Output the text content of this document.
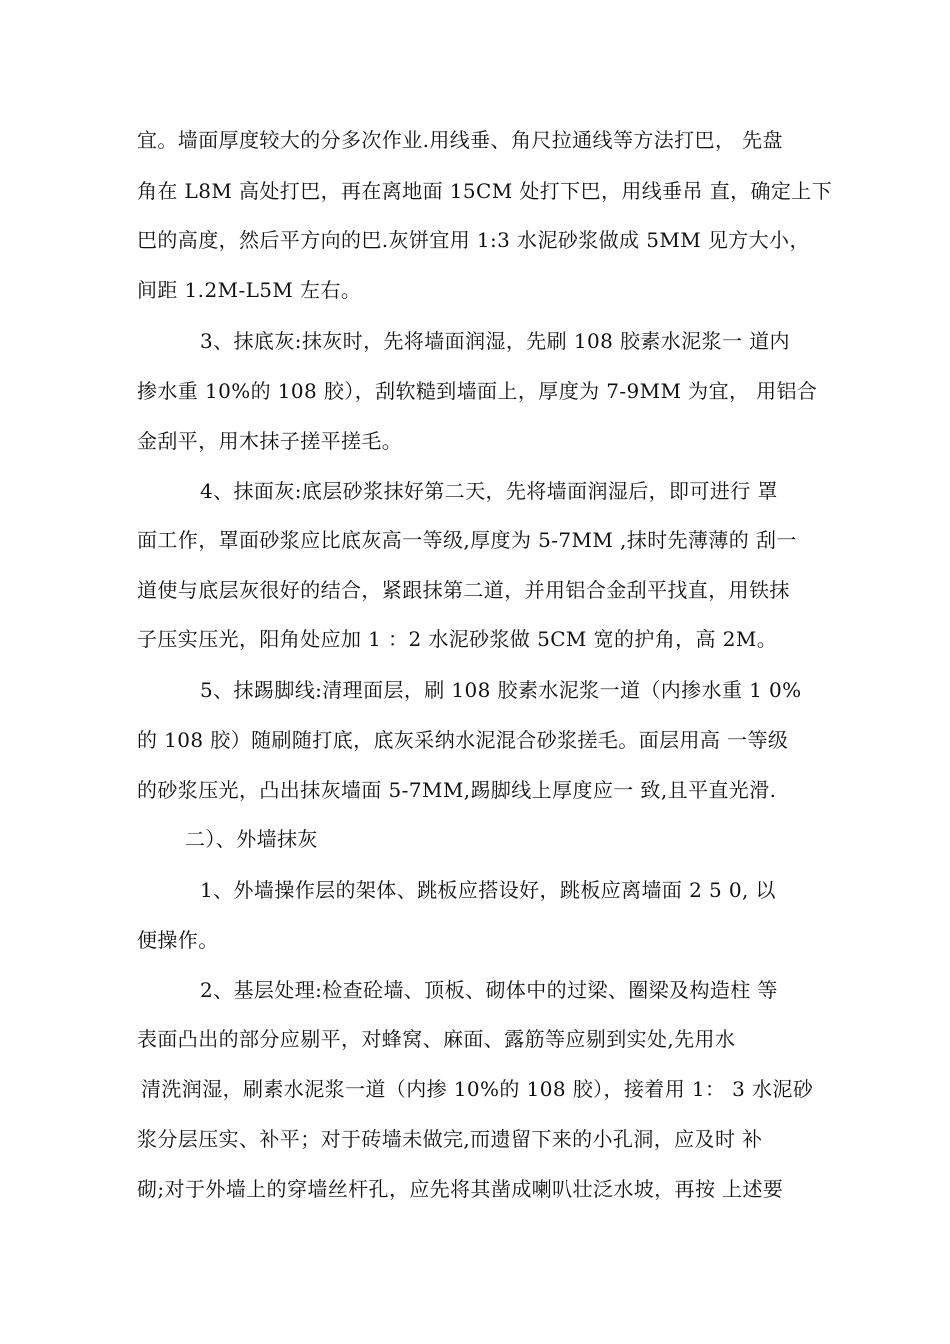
宜。墙面厚度较大的分多次作业.用线垂、角尺拉通线等方法打巴， 先盘
角在 L8M 高处打巴，再在离地面 15CM 处打下巴，用线垂吊 直，确定上下
巴的高度，然后平方向的巴.灰饼宜用 1:3 水泥砂浆做成 5MM 见方大小，
间距 1.2M-L5M 左右。
3、抹底灰:抹灰时，先将墙面润湿，先刷 108 胶素水泥浆一 道内
掺水重 10%的 108 胶），刮软糙到墙面上，厚度为 7-9MM 为宜， 用铝合
金刮平，用木抹子搓平搓毛。
4、抹面灰:底层砂浆抹好第二天，先将墙面润湿后，即可进行 罩
面工作，罩面砂浆应比底灰高一等级,厚度为 5-7MM ,抹时先薄薄的 刮一
道使与底层灰很好的结合，紧跟抹第二道，并用铝合金刮平找直，用铁抹
子压实压光，阳角处应加 1 ：2 水泥砂浆做 5CM 宽的护角，高 2M。
5、抹踢脚线:清理面层，刷 108 胶素水泥浆一道（内掺水重 1 0%
的 108 胶）随刷随打底，底灰采纳水泥混合砂浆搓毛。面层用高 一等级
的砂浆压光，凸出抹灰墙面 5-7MM,踢脚线上厚度应一 致,且平直光滑.
二）、外墙抹灰
1、外墙操作层的架体、跳板应搭设好，跳板应离墙面 2 5 0, 以
便操作。
2、基层处理:检查砼墙、顶板、砌体中的过梁、圈梁及构造柱 等
表面凸出的部分应剔平，对蜂窝、麻面、露筋等应剔到实处,先用水
清洗润湿，刷素水泥浆一道（内掺 10%的 108 胶），接着用 1： 3 水泥砂
浆分层压实、补平；对于砖墙未做完,而遗留下来的小孔洞，应及时 补
砌;对于外墙上的穿墙丝杆孔，应先将其凿成喇叭壮泛水坡，再按 上述要
